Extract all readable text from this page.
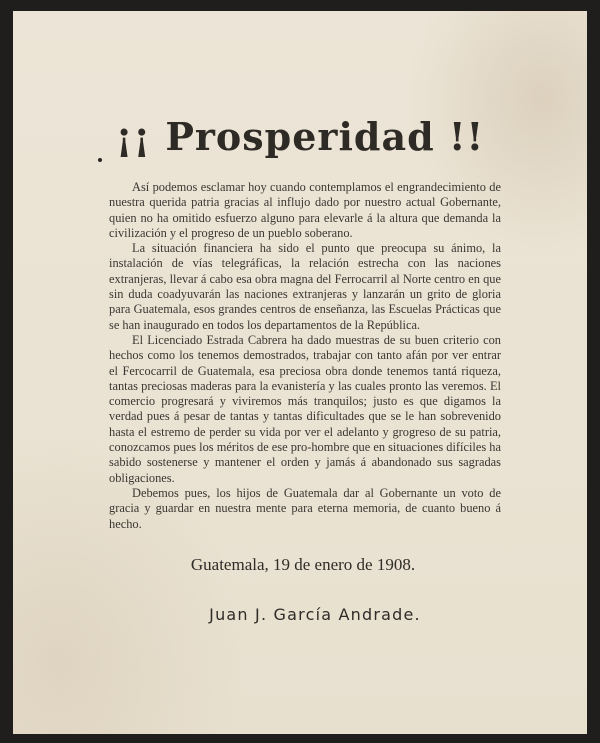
¡¡ Prosperidad !!

Así podemos esclamar hoy cuando contemplamos el engrandecimiento de nuestra querida patria gracias al influjo dado por nuestro actual Gobernante, quien no ha omitido esfuerzo alguno para elevarle á la altura que demanda la civilización y el progreso de un pueblo soberano.

La situación financiera ha sido el punto que preocupa su ánimo, la instalación de vías telegráficas, la relación estrecha con las naciones extranjeras, llevar á cabo esa obra magna del Ferrocarril al Norte centro en que sin duda coadyuvarán las naciones extranjeras y lanzarán un grito de gloria para Guatemala, esos grandes centros de enseñanza, las Escuelas Prácticas que se han inaugurado en todos los departamentos de la República.

El Licenciado Estrada Cabrera ha dado muestras de su buen criterio con hechos como los tenemos demostrados, trabajar con tanto afán por ver entrar el Fercocarril de Guatemala, esa preciosa obra donde tenemos tantá riqueza, tantas preciosas maderas para la evanistería y las cuales pronto las veremos. El comercio progresará y viviremos más tranquilos; justo es que digamos la verdad pues á pesar de tantas y tantas dificultades que se le han sobrevenido hasta el estremo de perder su vida por ver el adelanto y grogreso de su patria, conozcamos pues los méritos de ese pro-hombre que en situaciones difíciles ha sabido sostenerse y mantener el orden y jamás á abandonado sus sagradas obligaciones.

Debemos pues, los hijos de Guatemala dar al Gobernante un voto de gracia y guardar en nuestra mente para eterna memoria, de cuanto bueno á hecho.

Guatemala, 19 de enero de 1908.
Juan J. García Andrade.
